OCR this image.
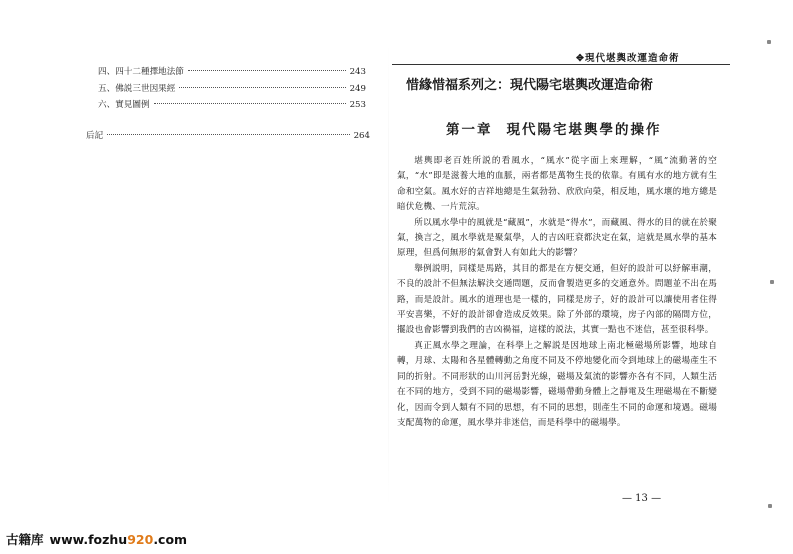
四、四十二種擇地法節	243
五、佛説三世因果經	249
六、實見圖例	253
后記	264
✥現代堪輿改運造命術
惜緣惜福系列之：現代陽宅堪輿改運造命術
第一章 現代陽宅堪輿學的操作

堪輿即老百姓所説的看風水，“風水”從字面上來理解，“風”流動著的空氣，“水”即是滋養大地的血脈，兩者都是萬物生長的依靠。有風有水的地方就有生命和空氣。風水好的吉祥地總是生氣勃勃、欣欣向榮，相反地，風水壞的地方總是暗伏危機、一片荒涼。

所以風水學中的風就是“藏風”，水就是“得水”，而藏風、得水的目的就在於聚氣，換言之，風水學就是聚氣學，人的吉凶旺衰都決定在氣，這就是風水學的基本原理，但爲何無形的氣會對人有如此大的影響？

舉例説明，同樣是馬路，其目的都是在方便交通，但好的設計可以紓解車潮，不良的設計不但無法解決交通問題，反而會製造更多的交通意外。問題並不出在馬路，而是設計。風水的道理也是一樣的，同樣是房子，好的設計可以讓使用者住得平安喜樂，不好的設計卻會造成反效果。除了外部的環境，房子內部的隔間方位，擺設也會影響到我們的吉凶禍福，這樣的説法，其實一點也不迷信，甚至很科學。

真正風水學之理論，在科學上之解説是因地球上南北極磁場所影響，地球自轉，月球、太陽和各星體轉動之角度不同及不停地變化而令到地球上的磁場產生不同的折射。不同形狀的山川河岳對光線，磁場及氣流的影響亦各有不同，人類生活在不同的地方，受到不同的磁場影響，磁場帶動身體上之靜電及生理磁場在不斷變化，因而令到人類有不同的思想，有不同的思想，則產生不同的命運和境遇。磁場支配萬物的命運，風水學并非迷信，而是科學中的磁場學。

— 13 —
古籍库 www.fozhu920.com
